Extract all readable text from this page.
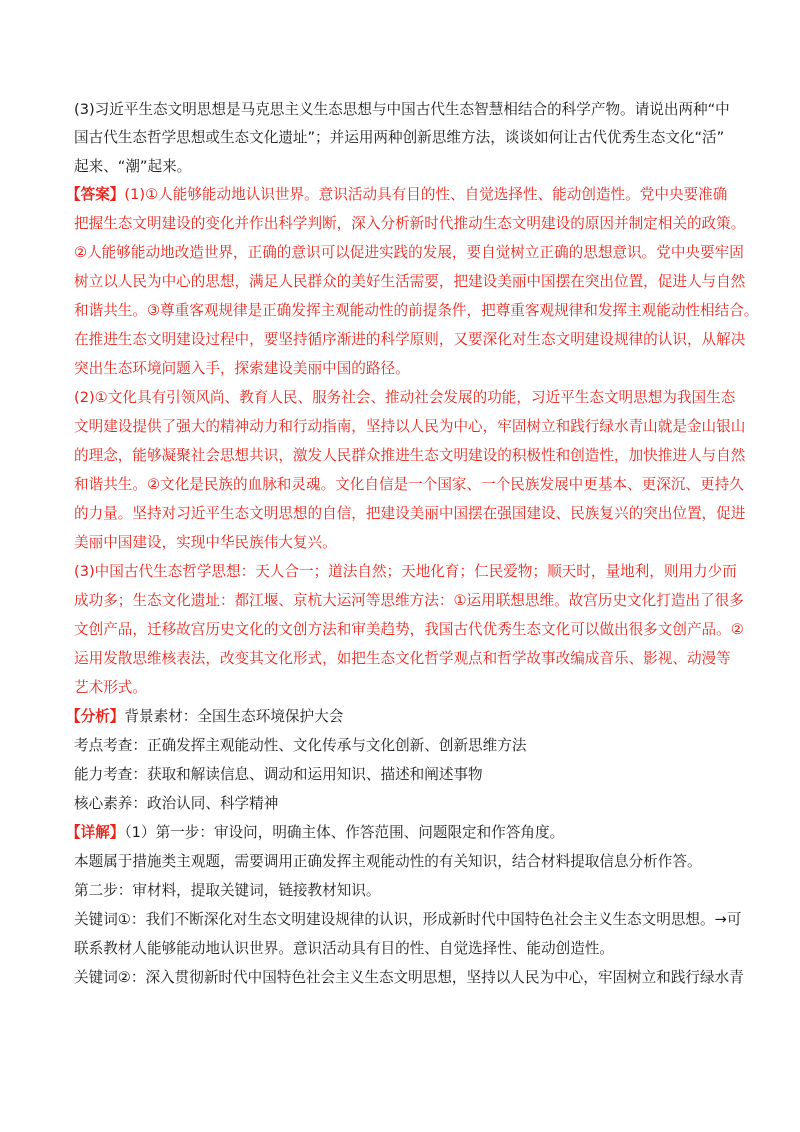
(3)习近平生态文明思想是马克思主义生态思想与中国古代生态智慧相结合的科学产物。请说出两种“中
国古代生态哲学思想或生态文化遗址”；并运用两种创新思维方法，谈谈如何让古代优秀生态文化“活”
起来、“潮”起来。
【答案】(1)①人能够能动地认识世界。意识活动具有目的性、自觉选择性、能动创造性。党中央要准确
把握生态文明建设的变化并作出科学判断，深入分析新时代推动生态文明建设的原因并制定相关的政策。
②人能够能动地改造世界，正确的意识可以促进实践的发展，要自觉树立正确的思想意识。党中央要牢固
树立以人民为中心的思想，满足人民群众的美好生活需要，把建设美丽中国摆在突出位置，促进人与自然
和谐共生。③尊重客观规律是正确发挥主观能动性的前提条件，把尊重客观规律和发挥主观能动性相结合。
在推进生态文明建设过程中，要坚持循序渐进的科学原则，又要深化对生态文明建设规律的认识，从解决
突出生态环境问题入手，探索建设美丽中国的路径。
(2)①文化具有引领风尚、教育人民、服务社会、推动社会发展的功能，习近平生态文明思想为我国生态
文明建设提供了强大的精神动力和行动指南，坚持以人民为中心，牢固树立和践行绿水青山就是金山银山
的理念，能够凝聚社会思想共识，激发人民群众推进生态文明建设的积极性和创造性，加快推进人与自然
和谐共生。②文化是民族的血脉和灵魂。文化自信是一个国家、一个民族发展中更基本、更深沉、更持久
的力量。坚持对习近平生态文明思想的自信，把建设美丽中国摆在强国建设、民族复兴的突出位置，促进
美丽中国建设，实现中华民族伟大复兴。
(3)中国古代生态哲学思想：天人合一；道法自然；天地化育；仁民爱物；顺天时，量地利，则用力少而
成功多；生态文化遗址：都江堰、京杭大运河等思维方法：①运用联想思维。故宫历史文化打造出了很多
文创产品，迁移故宫历史文化的文创方法和审美趋势，我国古代优秀生态文化可以做出很多文创产品。②
运用发散思维核表法，改变其文化形式，如把生态文化哲学观点和哲学故事改编成音乐、影视、动漫等
艺术形式。
【分析】背景素材：全国生态环境保护大会
考点考查：正确发挥主观能动性、文化传承与文化创新、创新思维方法
能力考查：获取和解读信息、调动和运用知识、描述和阐述事物
核心素养：政治认同、科学精神
【详解】（1）第一步：审设问，明确主体、作答范围、问题限定和作答角度。
本题属于措施类主观题，需要调用正确发挥主观能动性的有关知识，结合材料提取信息分析作答。
第二步：审材料，提取关键词，链接教材知识。
关键词①：我们不断深化对生态文明建设规律的认识，形成新时代中国特色社会主义生态文明思想。→可
联系教材人能够能动地认识世界。意识活动具有目的性、自觉选择性、能动创造性。
关键词②：深入贯彻新时代中国特色社会主义生态文明思想，坚持以人民为中心，牢固树立和践行绿水青
